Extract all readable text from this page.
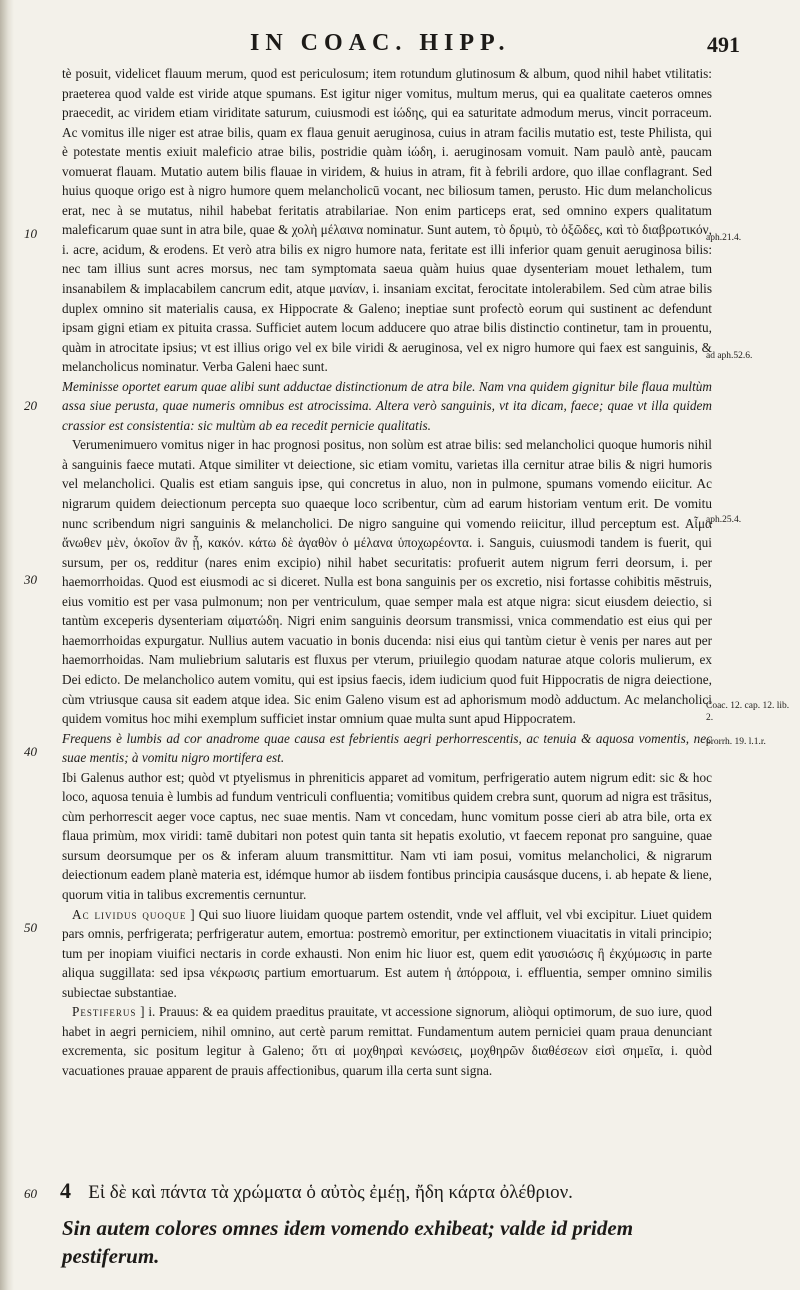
IN COAC. HIPP.	491
10
20
30
40
50
aph.21.4.
ad aph.52.6.
aph.25.4.
Coac. 12. cap. 12. lib. 2.
prorrh. 19. l.1.r.

tè posuit, videlicet flauum merum, quod est periculosum; item rotundum glutinosum & album, quod nihil habet vtilitatis: praeterea quod valde est viride atque spumans. Est igitur niger vomitus, multum merus, qui ea qualitate caeteros omnes praecedit, ac viridem etiam viriditate saturum, cuiusmodi est ἰώδης, qui ea saturitate admodum merus, vincit porraceum. Ac vomitus ille niger est atrae bilis, quam ex flaua genuit aeruginosa, cuius in atram facilis mutatio est, teste Philista, qui è potestate mentis exiuit maleficio atrae bilis, postridie quàm ἰώδη, i. aeruginosam vomuit. Nam paulò antè, paucam vomuerat flauam. Mutatio autem bilis flauae in viridem, & huius in atram, fit à febrili ardore, quo illae conflagrant. Sed huius quoque origo est à nigro humore quem melancholicū vocant, nec biliosum tamen, perusto. Hic dum melancholicus erat, nec à se mutatus, nihil habebat feritatis atrabilariae. Non enim particeps erat, sed omnino expers qualitatum maleficarum quae sunt in atra bile, quae & χολὴ μέλαινα nominatur. Sunt autem, τὸ δριμὺ, τὸ ὀξῶδες, καὶ τὸ διαβρωτικόν, i. acre, acidum, & erodens. Et verò atra bilis ex nigro humore nata, feritate est illi inferior quam genuit aeruginosa bilis: nec tam illius sunt acres morsus, nec tam symptomata saeua quàm huius quae dysenteriam mouet lethalem, tum insanabilem & implacabilem cancrum edit, atque μανίαν, i. insaniam excitat, ferocitate intolerabilem. Sed cùm atrae bilis duplex omnino sit materialis causa, ex Hippocrate & Galeno; ineptiae sunt profectò eorum qui sustinent ac defendunt ipsam gigni etiam ex pituita crassa. Sufficiet autem locum adducere quo atrae bilis distinctio continetur, tam in prouentu, quàm in atrocitate ipsius; vt est illius origo vel ex bile viridi & aeruginosa, vel ex nigro humore qui faex est sanguinis, & melancholicus nominatur. Verba Galeni haec sunt.

Meminisse oportet earum quae alibi sunt adductae distinctionum de atra bile. Nam vna quidem gignitur bile flaua multùm assa siue perusta, quae numeris omnibus est atrocissima. Altera verò sanguinis, vt ita dicam, faece; quae vt illa quidem crassior est consistentia: sic multùm ab ea recedit pernicie qualitatis.

Verumenimuero vomitus niger in hac prognosi positus, non solùm est atrae bilis: sed melancholici quoque humoris nihil à sanguinis faece mutati. Atque similiter vt deiectione, sic etiam vomitu, varietas illa cernitur atrae bilis & nigri humoris vel melancholici. Qualis est etiam sanguis ipse, qui concretus in aluo, non in pulmone, spumans vomendo eiicitur. Ac nigrarum quidem deiectionum percepta suo quaeque loco scribentur, cùm ad earum historiam ventum erit. De vomitu nunc scribendum nigri sanguinis & melancholici. De nigro sanguine qui vomendo reiicitur, illud perceptum est. Αἷμα ἄνωθεν μὲν, ὁκοῖον ἂν ᾖ, κακόν. κάτω δὲ ἀγαθὸν ὁ μέλανα ὑποχωρέοντα. i. Sanguis, cuiusmodi tandem is fuerit, qui sursum, per os, redditur (nares enim excipio) nihil habet securitatis: profuerit autem nigrum ferri deorsum, i. per haemorrhoidas. Quod est eiusmodi ac si diceret. Nulla est bona sanguinis per os excretio, nisi fortasse cohibitis mēstruis, eius vomitio est per vasa pulmonum; non per ventriculum, quae semper mala est atque nigra: sicut eiusdem deiectio, si tantùm exceperis dysenteriam αἱματώδη. Nigri enim sanguinis deorsum transmissi, vnica commendatio est eius qui per haemorrhoidas expurgatur. Nullius autem vacuatio in bonis ducenda: nisi eius qui tantùm cietur è venis per nares aut per haemorrhoidas. Nam muliebrium salutaris est fluxus per vterum, priuilegio quodam naturae atque coloris mulierum, ex Dei edicto. De melancholico autem vomitu, qui est ipsius faecis, idem iudicium quod fuit Hippocratis de nigra deiectione, cùm vtriusque causa sit eadem atque idea. Sic enim Galeno visum est ad aphorismum modò adductum. Ac melancholici quidem vomitus hoc mihi exemplum sufficiet instar omnium quae multa sunt apud Hippocratem.

Frequens è lumbis ad cor anadrome quae causa est febrientis aegri perhorrescentis, ac tenuia & aquosa vomentis, nec suae mentis; à vomitu nigro mortifera est.

Ibi Galenus author est; quòd vt ptyelismus in phreniticis apparet ad vomitum, perfrigeratio autem nigrum edit: sic & hoc loco, aquosa tenuia è lumbis ad fundum ventriculi confluentia; vomitibus quidem crebra sunt, quorum ad nigra est trāsitus, cùm perhorrescit aeger voce captus, nec suae mentis. Nam vt concedam, hunc vomitum posse cieri ab atra bile, orta ex flaua primùm, mox viridi: tamē dubitari non potest quin tanta sit hepatis exolutio, vt faecem reponat pro sanguine, quae sursum deorsumque per os & inferam aluum transmittitur. Nam vti iam posui, vomitus melancholici, & nigrarum deiectionum eadem planè materia est, idémque humor ab iisdem fontibus principia causásque ducens, i. ab hepate & liene, quorum vitia in talibus excrementis cernuntur.

Ac lividus quoque ] Qui suo liuore liuidam quoque partem ostendit, vnde vel affluit, vel vbi excipitur. Liuet quidem pars omnis, perfrigerata; perfrigeratur autem, emortua: postremò emoritur, per extinctionem viuacitatis in vitali principio; tum per inopiam viuifici nectaris in corde exhausti. Non enim hic liuor est, quem edit γαυσιώσις ἢ ἐκχύμωσις in parte aliqua suggillata: sed ipsa νέκρωσις partium emortuarum. Est autem ἡ ἀπόρροια, i. effluentia, semper omnino similis subiectae substantiae.

Pestiferus ] i. Prauus: & ea quidem praeditus prauitate, vt accessione signorum, aliòqui optimorum, de suo iure, quod habet in aegri perniciem, nihil omnino, aut certè parum remittat. Fundamentum autem perniciei quam praua denunciant excrementa, sic positum legitur à Galeno; ὅτι αἱ μοχθηραὶ κενώσεις, μοχθηρῶν διαθέσεων εἰσὶ σημεῖα, i. quòd vacuationes prauae apparent de prauis affectionibus, quarum illa certa sunt signa.

60	4 Εἰ δὲ καὶ πάντα τὰ χρώματα ὁ αὐτὸς ἐμέῃ, ἤδη κάρτα ὀλέθριον.
Sin autem colores omnes idem vomendo exhibeat; valde id pridem pestiferum.
